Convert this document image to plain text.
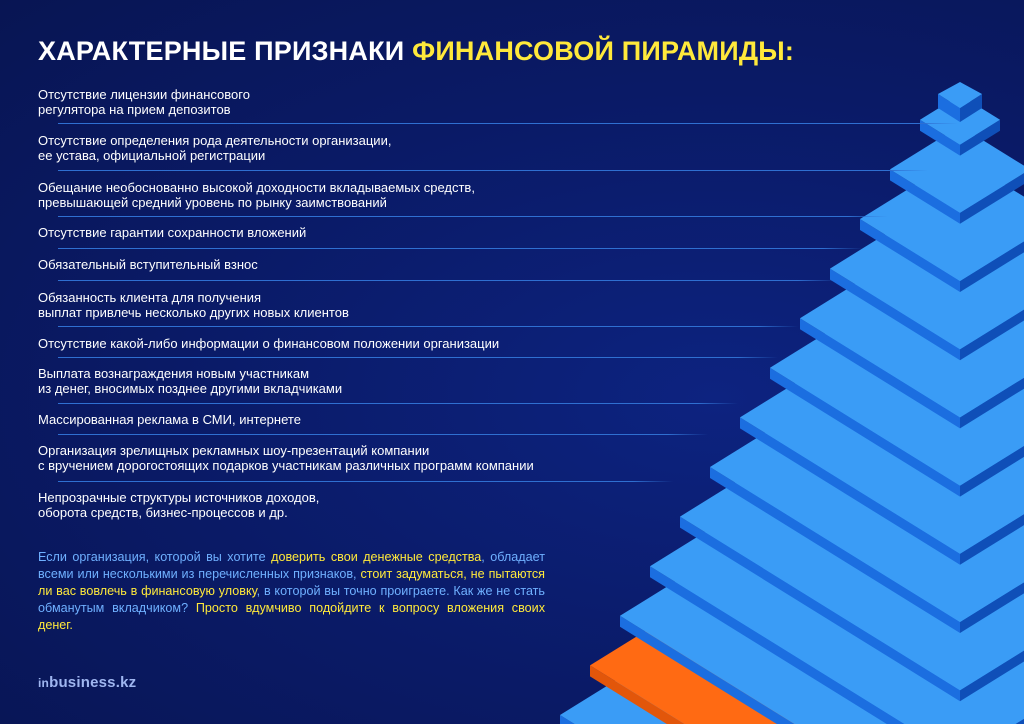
ХАРАКТЕРНЫЕ ПРИЗНАКИ ФИНАНСОВОЙ ПИРАМИДЫ:
Отсутствие лицензии финансового
регулятора на прием депозитов
Отсутствие определения рода деятельности организации,
ее устава, официальной регистрации
Обещание необоснованно высокой доходности вкладываемых средств,
превышающей средний уровень по рынку заимствований
Отсутствие гарантии сохранности вложений
Обязательный вступительный взнос
Обязанность клиента для получения
выплат привлечь несколько других новых клиентов
Отсутствие какой-либо информации о финансовом положении организации
Выплата вознаграждения новым участникам
из денег, вносимых позднее другими вкладчиками
Массированная реклама в СМИ, интернете
Организация зрелищных рекламных шоу-презентаций компании
с вручением дорогостоящих подарков участникам различных программ компании
Непрозрачные структуры источников доходов,
оборота средств, бизнес-процессов и др.

Если организация, которой вы хотите доверить свои денежные средства, обладает всеми или несколькими из перечисленных признаков, стоит задуматься, не пытаются ли вас вовлечь в финансовую уловку, в которой вы точно проиграете. Как же не стать обманутым вкладчиком? Просто вдумчиво подойдите к вопросу вложения своих денег.

inbusiness.kz
